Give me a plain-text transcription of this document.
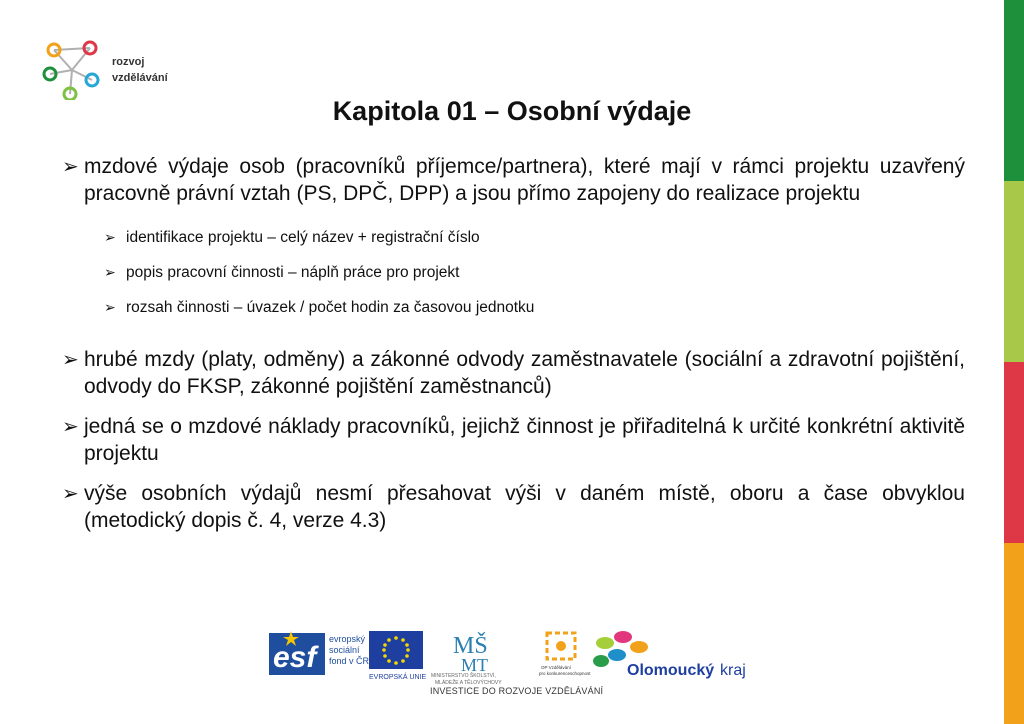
rozvoj
vzdělávání
Kapitola 01 – Osobní výdaje
➢ mzdové výdaje osob (pracovníků příjemce/partnera), které mají v rámci projektu uzavřený pracovně právní vztah (PS, DPČ, DPP) a jsou přímo zapojeny do realizace projektu
➢ identifikace projektu – celý název + registrační číslo
➢ popis pracovní činnosti – náplň práce pro projekt
➢ rozsah činnosti – úvazek / počet hodin za časovou jednotku
➢ hrubé mzdy (platy, odměny) a zákonné odvody zaměstnavatele (sociální a zdravotní pojištění, odvody do FKSP, zákonné pojištění zaměstnanců)
➢ jedná se o mzdové náklady pracovníků, jejichž činnost je přiřaditelná k určité konkrétní aktivitě projektu
➢ výše osobních výdajů nesmí přesahovat výši v daném místě, oboru a čase obvyklou (metodický dopis č. 4, verze 4.3)
esf
evropský
sociální
fond v ČR
EVROPSKÁ UNIE
MŠ
MT
MINISTERSTVO ŠKOLSTVÍ,
MLÁDEŽE A TĚLOVÝCHOVY
OP Vzdělávání
pro konkurenceschopnost Olomoucký kraj
INVESTICE DO ROZVOJE VZDĚLÁVÁNÍ
